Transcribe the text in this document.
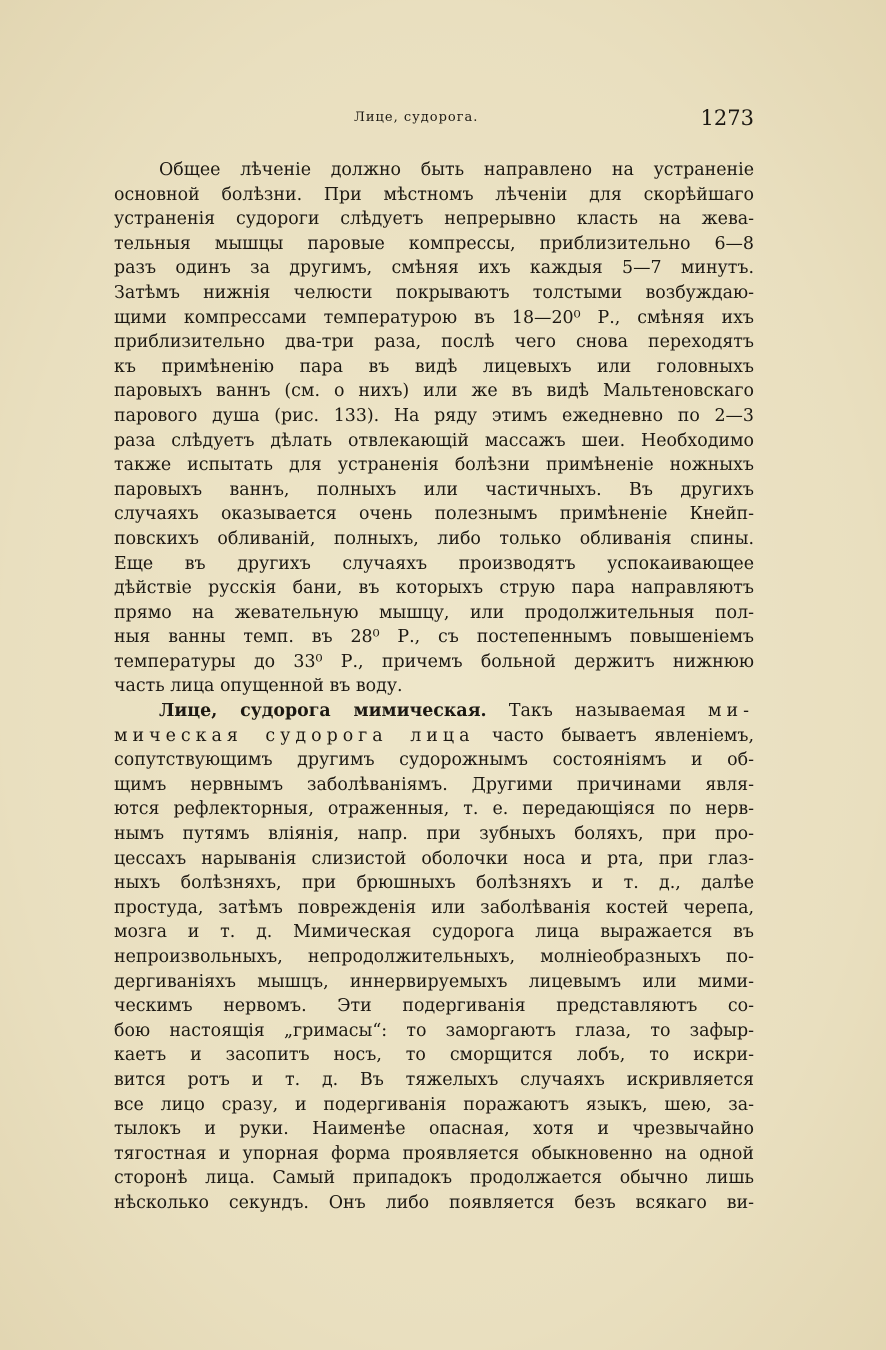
Лице, судорога.	1273
Общее лѣченіе должно быть направлено на устраненіе
основной болѣзни. При мѣстномъ лѣченіи для скорѣйшаго
устраненія судороги слѣдуетъ непрерывно класть на жева-
тельныя мышцы паровые компрессы, приблизительно 6—8
разъ одинъ за другимъ, смѣняя ихъ каждыя 5—7 минутъ.
Затѣмъ нижнія челюсти покрываютъ толстыми возбуждаю-
щими компрессами температурою въ 18—20⁰ Р., смѣняя ихъ
приблизительно два-три раза, послѣ чего снова переходятъ
къ примѣненію пара въ видѣ лицевыхъ или головныхъ
паровыхъ ваннъ (см. о нихъ) или же въ видѣ Мальтеновскаго
парового душа (рис. 133). На ряду этимъ ежедневно по 2—3
раза слѣдуетъ дѣлать отвлекающій массажъ шеи. Необходимо
также испытать для устраненія болѣзни примѣненіе ножныхъ
паровыхъ ваннъ, полныхъ или частичныхъ. Въ другихъ
случаяхъ оказывается очень полезнымъ примѣненіе Кнейп-
повскихъ обливаній, полныхъ, либо только обливанія спины.
Еще въ другихъ случаяхъ производятъ успокаивающее
дѣйствіе русскія бани, въ которыхъ струю пара направляютъ
прямо на жевательную мышцу, или продолжительныя пол-
ныя ванны темп. въ 28⁰ Р., съ постепеннымъ повышеніемъ
температуры до 33⁰ Р., причемъ больной держитъ нижнюю
часть лица опущенной въ воду.
Лице, судорога мимическая. Такъ называемая ми-
мическая судорога лица часто бываетъ явленіемъ,
сопутствующимъ другимъ судорожнымъ состояніямъ и об-
щимъ нервнымъ заболѣваніямъ. Другими причинами явля-
ются рефлекторныя, отраженныя, т. е. передающіяся по нерв-
нымъ путямъ вліянія, напр. при зубныхъ боляхъ, при про-
цессахъ нарыванія слизистой оболочки носа и рта, при глаз-
ныхъ болѣзняхъ, при брюшныхъ болѣзняхъ и т. д., далѣе
простуда, затѣмъ поврежденія или заболѣванія костей черепа,
мозга и т. д. Мимическая судорога лица выражается въ
непроизвольныхъ, непродолжительныхъ, молніеобразныхъ по-
дергиваніяхъ мышцъ, иннервируемыхъ лицевымъ или мими-
ческимъ нервомъ. Эти подергиванія представляютъ со-
бою настоящія „гримасы“: то заморгаютъ глаза, то зафыр-
каетъ и засопитъ носъ, то сморщится лобъ, то искри-
вится ротъ и т. д. Въ тяжелыхъ случаяхъ искривляется
все лицо сразу, и подергиванія поражаютъ языкъ, шею, за-
тылокъ и руки. Наименѣе опасная, хотя и чрезвычайно
тягостная и упорная форма проявляется обыкновенно на одной
сторонѣ лица. Самый припадокъ продолжается обычно лишь
нѣсколько секундъ. Онъ либо появляется безъ всякаго ви-
